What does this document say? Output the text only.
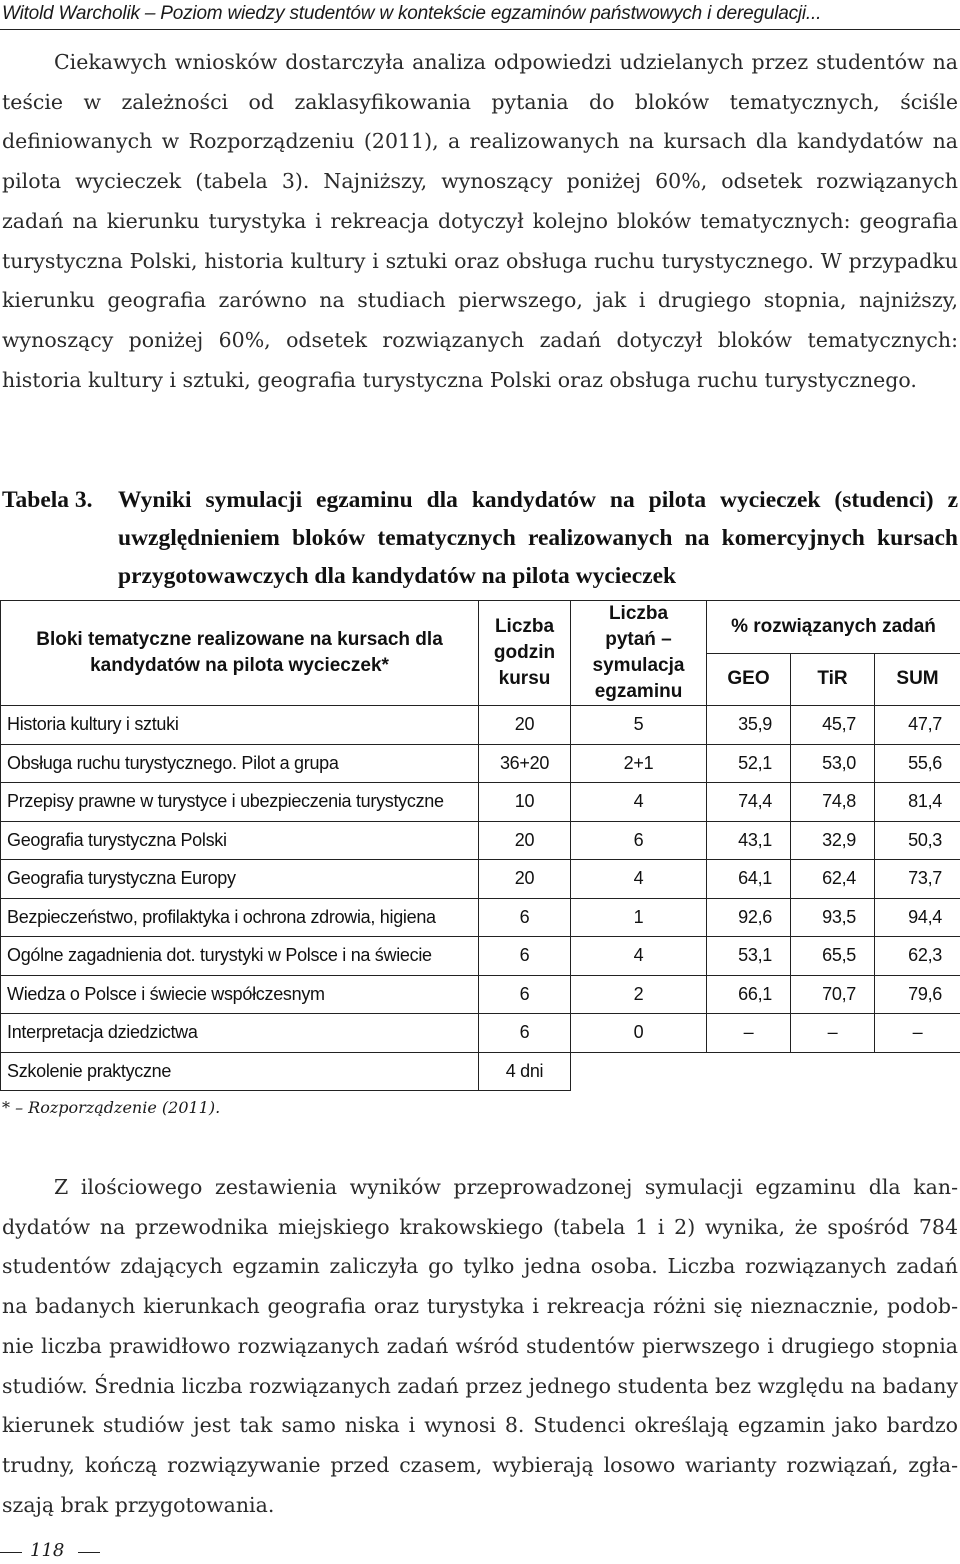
Witold Warcholik – Poziom wiedzy studentów w kontekście egzaminów państwowych i deregulacji...

Ciekawych wniosków dostarczyła analiza odpowiedzi udzielanych przez studentów na teście w zależności od zaklasyfikowania pytania do bloków tematycznych, ściśle definiowanych w Rozporządzeniu (2011), a realizowanych na kursach dla kandydatów na pilota wycieczek (tabela 3). Najniższy, wynoszący poniżej 60%, odsetek rozwiązanych zadań na kierunku turystyka i rekreacja dotyczył kolejno bloków tematycznych: geografia turystyczna Polski, historia kultury i sztuki oraz obsługa ruchu turystycznego. W przypadku kierunku geografia zarówno na studiach pierwszego, jak i drugiego stopnia, najniższy, wynoszący poniżej 60%, odsetek rozwiązanych zadań dotyczył bloków tematycznych: historia kultury i sztuki, geografia turystyczna Polski oraz obsługa ruchu turystycznego.

Tabela 3. Wyniki symulacji egzaminu dla kandydatów na pilota wycieczek (studenci) z uwzględnieniem bloków tematycznych realizowanych na komercyjnych kursach przygotowawczych dla kandydatów na pilota wycieczek
Bloki tematyczne realizowane na kursach dla kandydatów na pilota wycieczek*	Liczba godzin kursu	Liczba pytań – symulacja egzaminu	% rozwiązanych zadań		
			GEO	TiR	SUM
Historia kultury i sztuki	20	5	35,9	45,7	47,7
Obsługa ruchu turystycznego. Pilot a grupa	36+20	2+1	52,1	53,0	55,6
Przepisy prawne w turystyce i ubezpieczenia turystyczne	10	4	74,4	74,8	81,4
Geografia turystyczna Polski	20	6	43,1	32,9	50,3
Geografia turystyczna Europy	20	4	64,1	62,4	73,7
Bezpieczeństwo, profilaktyka i ochrona zdrowia, higiena	6	1	92,6	93,5	94,4
Ogólne zagadnienia dot. turystyki w Polsce i na świecie	6	4	53,1	65,5	62,3
Wiedza o Polsce i świecie współczesnym	6	2	66,1	70,7	79,6
Interpretacja dziedzictwa	6	0	–	–	–
Szkolenie praktyczne	4 dni				
* – Rozporządzenie (2011).

Z ilościowego zestawienia wyników przeprowadzonej symulacji egzaminu dla kandydatów na przewodnika miejskiego krakowskiego (tabela 1 i 2) wynika, że spośród 784 studentów zdających egzamin zaliczyła go tylko jedna osoba. Liczba rozwiązanych zadań na badanych kierunkach geografia oraz turystyka i rekreacja różni się nieznacznie, podobnie liczba prawidłowo rozwiązanych zadań wśród studentów pierwszego i drugiego stopnia studiów. Średnia liczba rozwiązanych zadań przez jednego studenta bez względu na badany kierunek studiów jest tak samo niska i wynosi 8. Studenci określają egzamin jako bardzo trudny, kończą rozwiązywanie przed czasem, wybierają losowo warianty rozwiązań, zgłaszają brak przygotowania.

118
